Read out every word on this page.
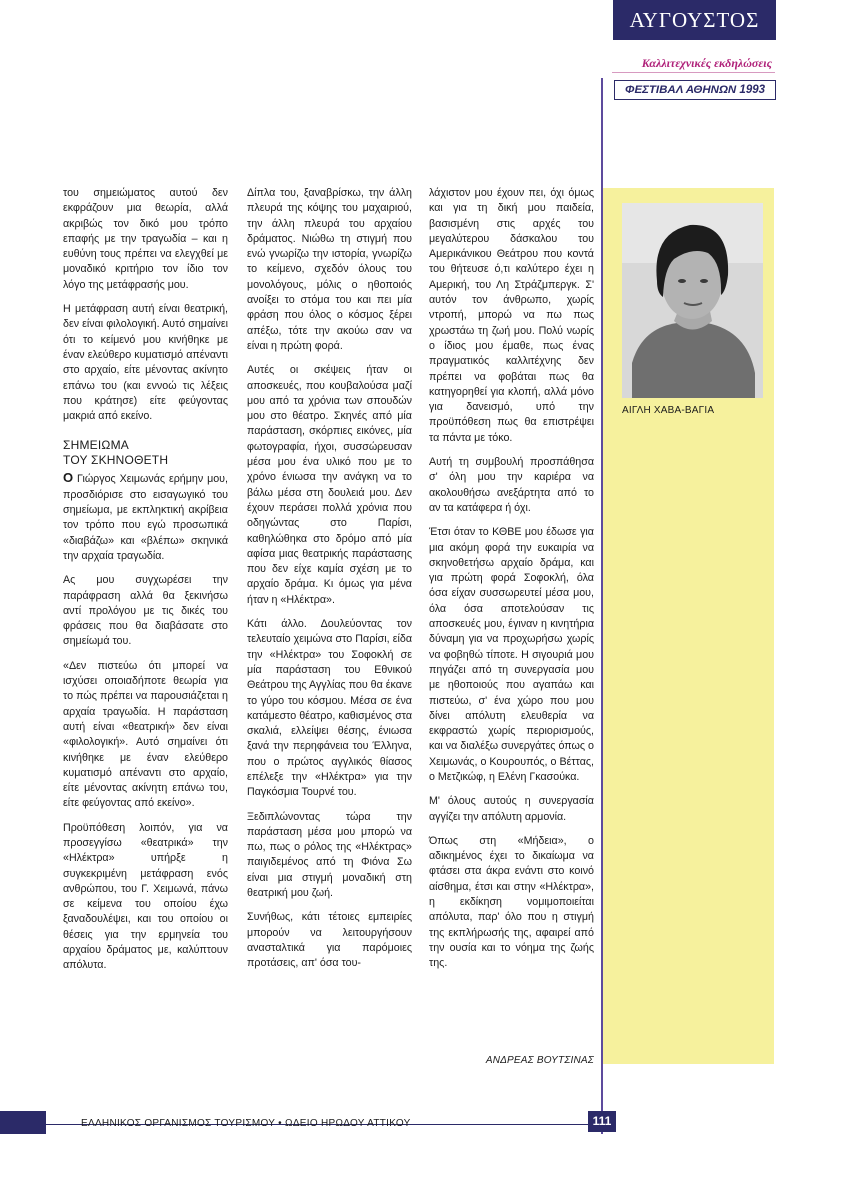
ΑΥΓΟΥΣΤΟΣ
Καλλιτεχνικές εκδηλώσεις
ΦΕΣΤΙΒΑΛ ΑΘΗΝΩΝ 1993
ΑΙΓΛΗ ΧΑΒΑ-ΒΑΓΙΑ

του σημειώματος αυτού δεν εκφράζουν μια θεωρία, αλλά ακριβώς τον δικό μου τρόπο επαφής με την τραγωδία – και η ευθύνη τους πρέπει να ελεγχθεί με μοναδικό κριτήριο τον ίδιο τον λόγο της μετάφρασής μου.

Η μετάφραση αυτή είναι θεατρική, δεν είναι φιλολογική. Αυτό σημαίνει ότι το κείμενό μου κινήθηκε με έναν ελεύθερο κυματισμό απέναντι στο αρχαίο, είτε μένοντας ακίνητο επάνω του (και εννοώ τις λέξεις που κράτησε) είτε φεύγοντας μακριά από εκείνο.

ΣΗΜΕΙΩΜΑ
ΤΟΥ ΣΚΗΝΟΘΕΤΗ

Ο Γιώργος Χειμωνάς ερήμην μου, προσδιόρισε στο εισαγωγικό του σημείωμα, με εκπληκτική ακρίβεια τον τρόπο που εγώ προσωπικά «διαβάζω» και «βλέπω» σκηνικά την αρχαία τραγωδία.

Ας μου συγχωρέσει την παράφραση αλλά θα ξεκινήσω αντί προλόγου με τις δικές του φράσεις που θα διαβάσατε στο σημείωμά του.

«Δεν πιστεύω ότι μπορεί να ισχύσει οποιαδήποτε θεωρία για το πώς πρέπει να παρουσιάζεται η αρχαία τραγωδία. Η παράσταση αυτή είναι «θεατρική» δεν είναι «φιλολογική». Αυτό σημαίνει ότι κινήθηκε με έναν ελεύθερο κυματισμό απέναντι στο αρχαίο, είτε μένοντας ακίνητη επάνω του, είτε φεύγοντας από εκείνο».

Προϋπόθεση λοιπόν, για να προσεγγίσω «θεατρικά» την «Ηλέκτρα» υπήρξε η συγκεκριμένη μετάφραση ενός ανθρώπου, του Γ. Χειμωνά, πάνω σε κείμενα του οποίου έχω ξαναδουλέψει, και του οποίου οι θέσεις για την ερμηνεία του αρχαίου δράματος με, καλύπτουν απόλυτα.

Δίπλα του, ξαναβρίσκω, την άλλη πλευρά της κόψης του μαχαιριού, την άλλη πλευρά του αρχαίου δράματος. Νιώθω τη στιγμή που ενώ γνωρίζω την ιστορία, γνωρίζω το κείμενο, σχεδόν όλους του μονολόγους, μόλις ο ηθοποιός ανοίξει το στόμα του και πει μία φράση που όλος ο κόσμος ξέρει απέξω, τότε την ακούω σαν να είναι η πρώτη φορά.

Αυτές οι σκέψεις ήταν οι αποσκευές, που κουβαλούσα μαζί μου από τα χρόνια των σπουδών μου στο θέατρο. Σκηνές από μία παράσταση, σκόρπιες εικόνες, μία φωτογραφία, ήχοι, συσσώρευσαν μέσα μου ένα υλικό που με το χρόνο ένιωσα την ανάγκη να το βάλω μέσα στη δουλειά μου. Δεν έχουν περάσει πολλά χρόνια που οδηγώντας στο Παρίσι, καθηλώθηκα στο δρόμο από μία αφίσα μιας θεατρικής παράστασης που δεν είχε καμία σχέση με το αρχαίο δράμα. Κι όμως για μένα ήταν η «Ηλέκτρα».

Κάτι άλλο. Δουλεύοντας τον τελευταίο χειμώνα στο Παρίσι, είδα την «Ηλέκτρα» του Σοφοκλή σε μία παράσταση του Εθνικού Θεάτρου της Αγγλίας που θα έκανε το γύρο του κόσμου. Μέσα σε ένα κατάμεστο θέατρο, καθισμένος στα σκαλιά, ελλείψει θέσης, ένιωσα ξανά την περηφάνεια του Έλληνα, που ο πρώτος αγγλικός θίασος επέλεξε την «Ηλέκτρα» για την Παγκόσμια Τουρνέ του.

Ξεδιπλώνοντας τώρα την παράσταση μέσα μου μπορώ να πω, πως ο ρόλος της «Ηλέκτρας» παιγιδεμένος από τη Φιόνα Σω είναι μια στιγμή μοναδική στη θεατρική μου ζωή.

Συνήθως, κάτι τέτοιες εμπειρίες μπορούν να λειτουργήσουν ανασταλτικά για παρόμοιες προτάσεις, απ' όσα του-

λάχιστον μου έχουν πει, όχι όμως και για τη δική μου παιδεία, βασισμένη στις αρχές του μεγαλύτερου δάσκαλου του Αμερικάνικου Θεάτρου που κοντά του θήτευσε ό,τι καλύτερο έχει η Αμερική, του Λη Στράζμπεργκ. Σ' αυτόν τον άνθρωπο, χωρίς ντροπή, μπορώ να πω πως χρωστάω τη ζωή μου. Πολύ νωρίς ο ίδιος μου έμαθε, πως ένας πραγματικός καλλιτέχνης δεν πρέπει να φοβάται πως θα κατηγορηθεί για κλοπή, αλλά μόνο για δανεισμό, υπό την προϋπόθεση πως θα επιστρέψει τα πάντα με τόκο.

Αυτή τη συμβουλή προσπάθησα σ' όλη μου την καριέρα να ακολουθήσω ανεξάρτητα από το αν τα κατάφερα ή όχι.

Έτσι όταν το ΚΘΒΕ μου έδωσε για μια ακόμη φορά την ευκαιρία να σκηνοθετήσω αρχαίο δράμα, και για πρώτη φορά Σοφοκλή, όλα όσα είχαν συσσωρευτεί μέσα μου, όλα όσα αποτελούσαν τις αποσκευές μου, έγιναν η κινητήρια δύναμη για να προχωρήσω χωρίς να φοβηθώ τίποτε. Η σιγουριά μου πηγάζει από τη συνεργασία μου με ηθοποιούς που αγαπάω και πιστεύω, σ' ένα χώρο που μου δίνει απόλυτη ελευθερία να εκφραστώ χωρίς περιορισμούς, και να διαλέξω συνεργάτες όπως ο Χειμωνάς, ο Κουρουπός, ο Βέττας, ο Μετζικώφ, η Ελένη Γκασούκα.

Μ' όλους αυτούς η συνεργασία αγγίζει την απόλυτη αρμονία.

Όπως στη «Μήδεια», ο αδικημένος έχει το δικαίωμα να φτάσει στα άκρα ενάντι στο κοινό αίσθημα, έτσι και στην «Ηλέκτρα», η εκδίκηση νομιμοποιείται απόλυτα, παρ' όλο που η στιγμή της εκπλήρωσής της, αφαιρεί από την ουσία και το νόημα της ζωής της.

ΑΝΔΡΕΑΣ ΒΟΥΤΣΙΝΑΣ
ΕΛΛΗΝΙΚΟΣ ΟΡΓΑΝΙΣΜΟΣ ΤΟΥΡΙΣΜΟΥ • ΩΔΕΙΟ ΗΡΩΔΟΥ ΑΤΤΙΚΟΥ	111
